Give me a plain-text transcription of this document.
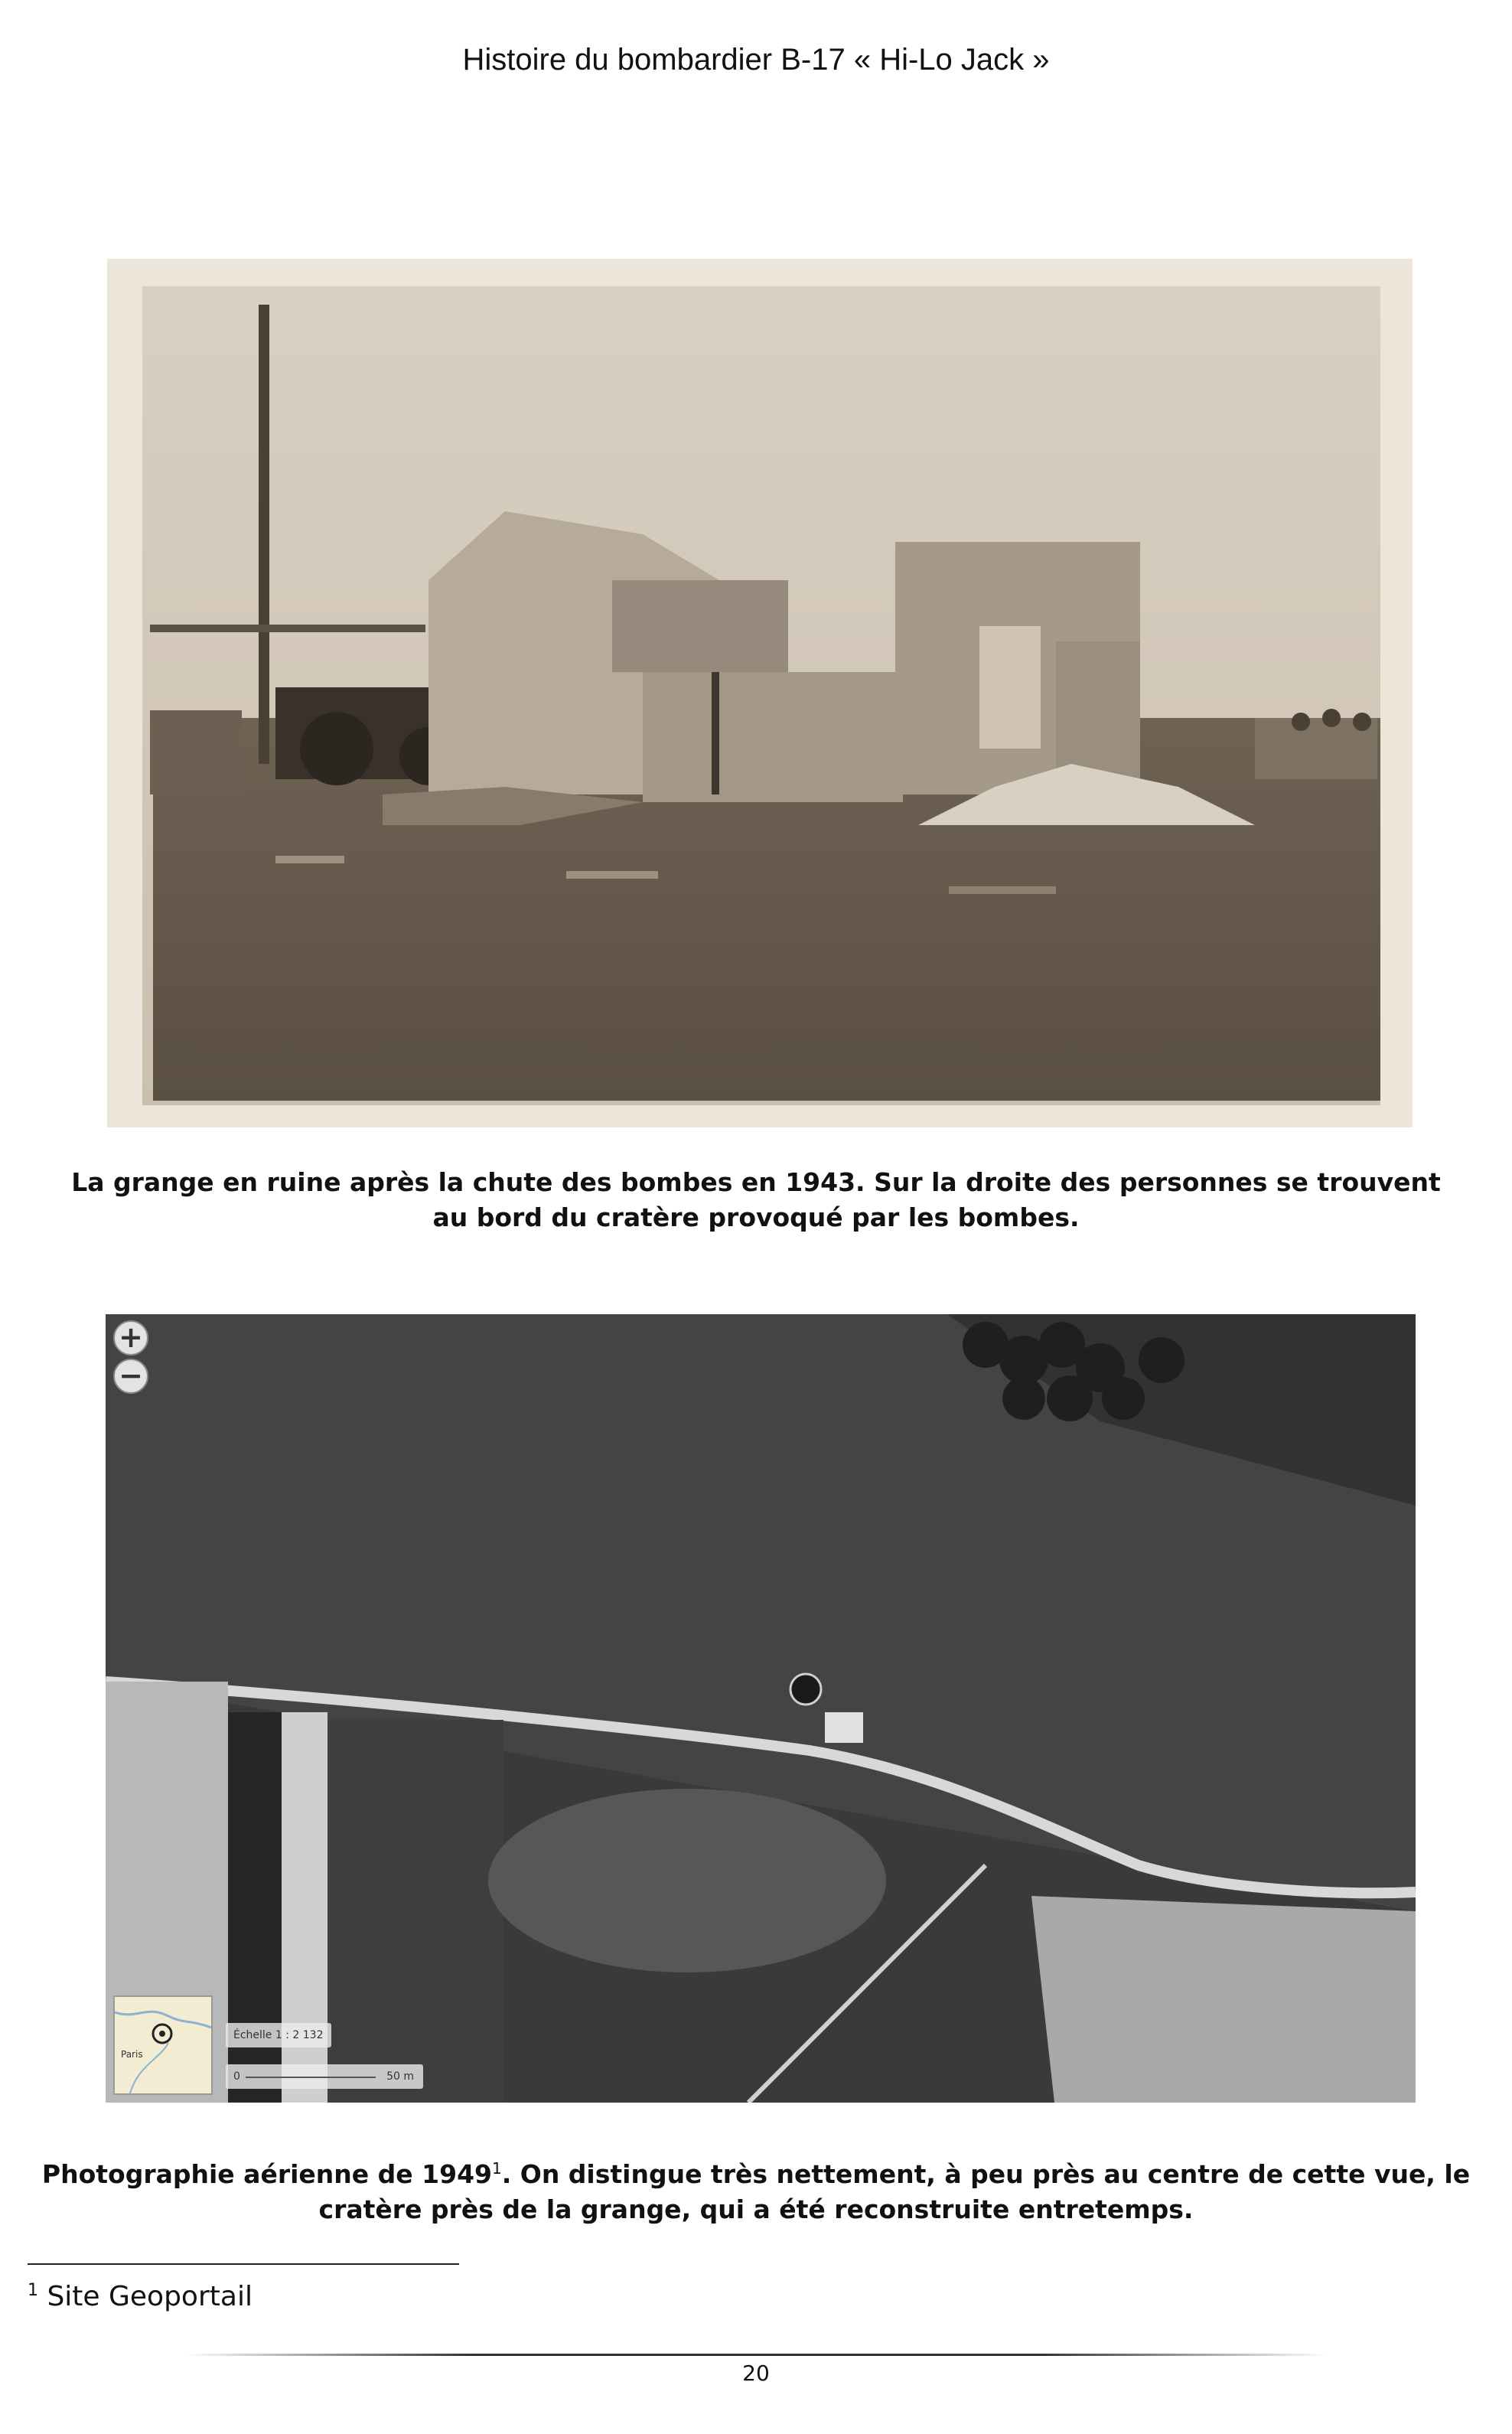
Histoire du bombardier B-17 « Hi-Lo Jack »
La grange en ruine après la chute des bombes en 1943. Sur la droite des personnes se trouvent au bord du cratère provoqué par les bombes.
+
−
Paris
Échelle 1 : 2 132
0	50 m
Photographie aérienne de 1949$^1$. On distingue très nettement, à peu près au centre de cette vue, le cratère près de la grange, qui a été reconstruite entretemps.
$^1$ Site Geoportail
20
